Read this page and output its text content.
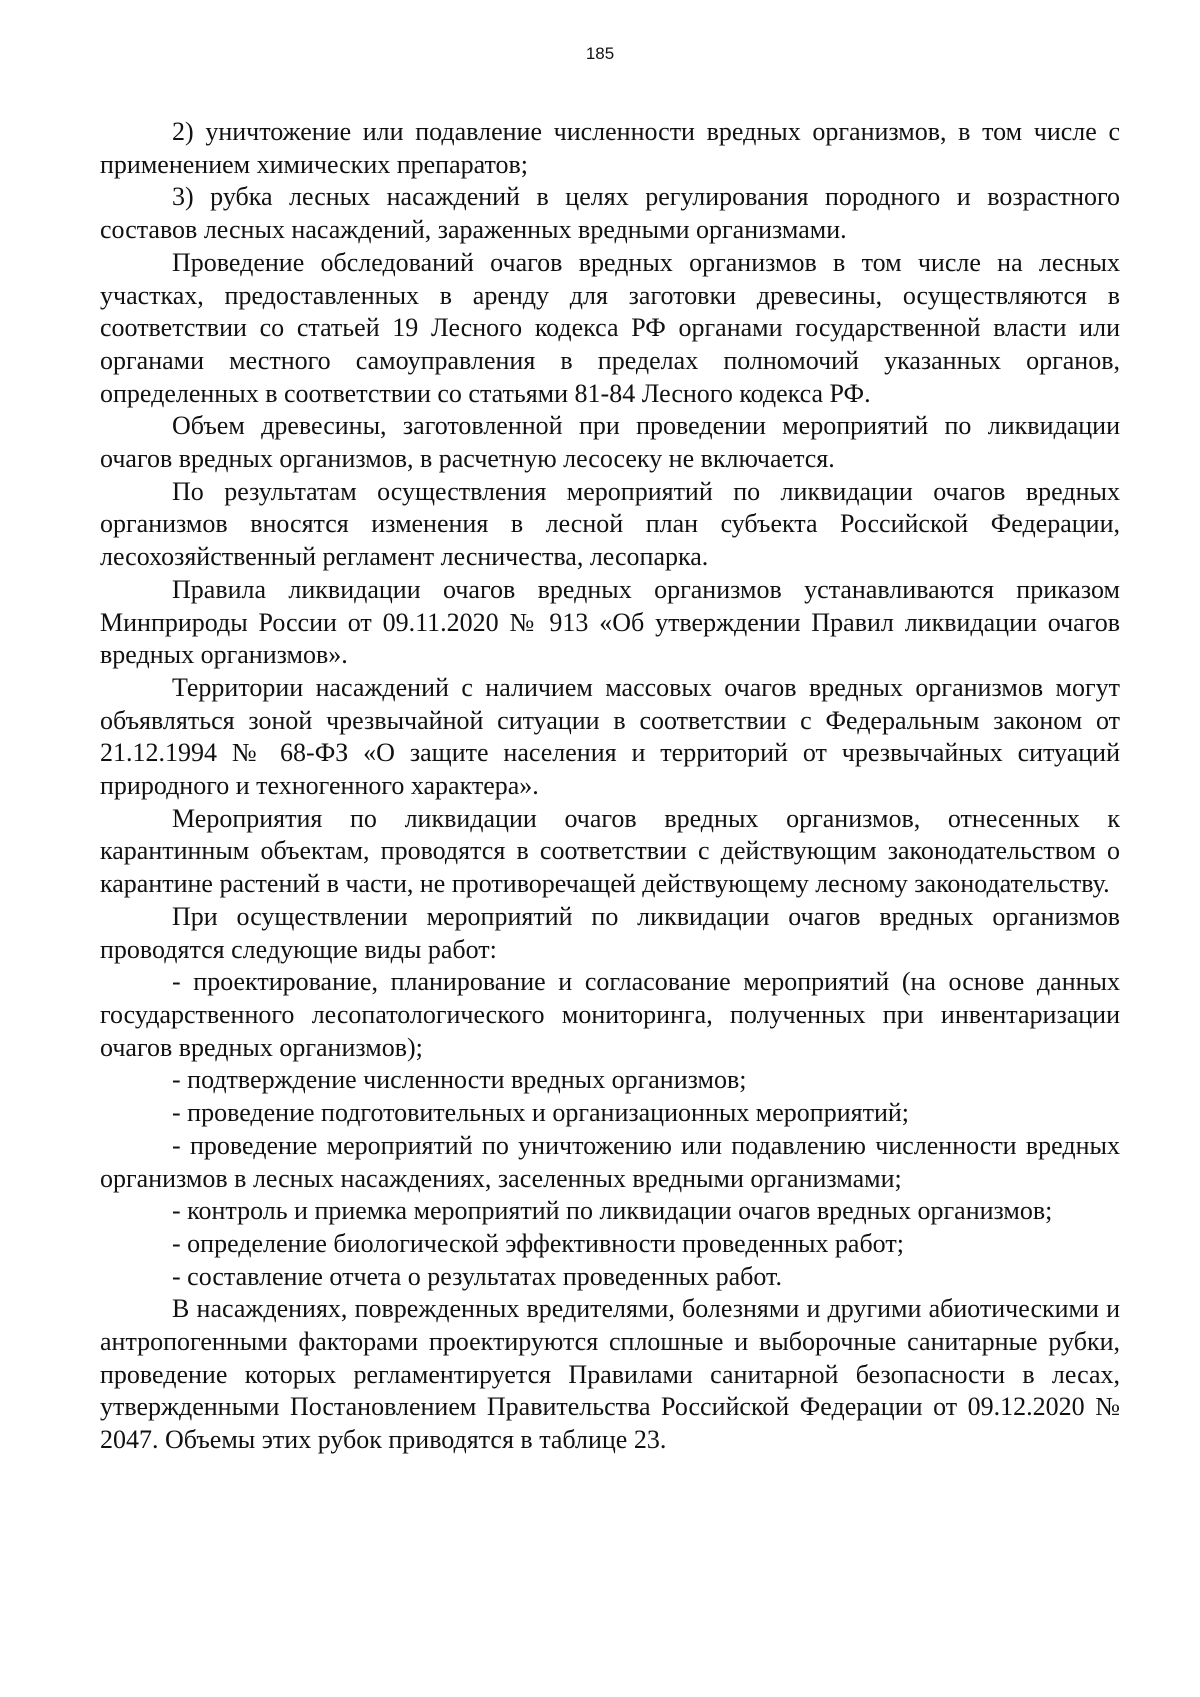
185

2) уничтожение или подавление численности вредных организмов, в том числе с применением химических препаратов;

3) рубка лесных насаждений в целях регулирования породного и возрастного составов лесных насаждений, зараженных вредными организмами.

Проведение обследований очагов вредных организмов в том числе на лесных участках, предоставленных в аренду для заготовки древесины, осуществляются в соответствии со статьей 19 Лесного кодекса РФ органами государственной власти или органами местного самоуправления в пределах полномочий указанных органов, определенных в соответствии со статьями 81-84 Лесного кодекса РФ.

Объем древесины, заготовленной при проведении мероприятий по ликвидации очагов вредных организмов, в расчетную лесосеку не включается.

По результатам осуществления мероприятий по ликвидации очагов вредных организмов вносятся изменения в лесной план субъекта Российской Федерации, лесохозяйственный регламент лесничества, лесопарка.

Правила ликвидации очагов вредных организмов устанавливаются приказом Минприроды России от 09.11.2020 № 913 «Об утверждении Правил ликвидации очагов вредных организмов».

Территории насаждений с наличием массовых очагов вредных организмов могут объявляться зоной чрезвычайной ситуации в соответствии с Федеральным законом от 21.12.1994 № 68-ФЗ «О защите населения и территорий от чрезвычайных ситуаций природного и техногенного характера».

Мероприятия по ликвидации очагов вредных организмов, отнесенных к карантинным объектам, проводятся в соответствии с действующим законодательством о карантине растений в части, не противоречащей действующему лесному законодательству.

При осуществлении мероприятий по ликвидации очагов вредных организмов проводятся следующие виды работ:

- проектирование, планирование и согласование мероприятий (на основе данных государственного лесопатологического мониторинга, полученных при инвентаризации очагов вредных организмов);

- подтверждение численности вредных организмов;

- проведение подготовительных и организационных мероприятий;

- проведение мероприятий по уничтожению или подавлению численности вредных организмов в лесных насаждениях, заселенных вредными организмами;

- контроль и приемка мероприятий по ликвидации очагов вредных организмов;

- определение биологической эффективности проведенных работ;

- составление отчета о результатах проведенных работ.

В насаждениях, поврежденных вредителями, болезнями и другими абиотическими и антропогенными факторами проектируются сплошные и выборочные санитарные рубки, проведение которых регламентируется Правилами санитарной безопасности в лесах, утвержденными Постановлением Правительства Российской Федерации от 09.12.2020 № 2047. Объемы этих рубок приводятся в таблице 23.
